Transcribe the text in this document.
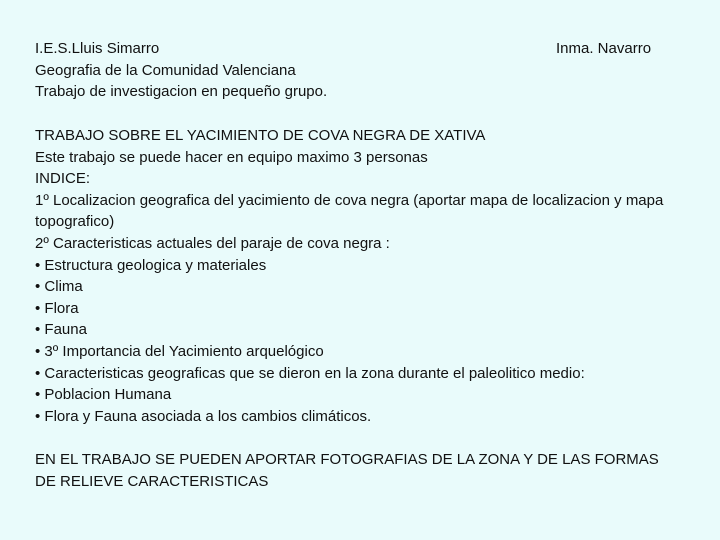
I.E.S.Lluis Simarro
Geografia de la Comunidad Valenciana
Trabajo de investigacion en pequeño grupo.
Inma. Navarro
TRABAJO SOBRE EL YACIMIENTO DE COVA NEGRA DE XATIVA
Este trabajo se puede hacer en equipo maximo 3 personas
INDICE:
1º Localizacion geografica del yacimiento de cova negra (aportar mapa de localizacion y mapa topografico)
2º Caracteristicas actuales del paraje de cova negra :
• Estructura geologica y materiales
• Clima
• Flora
• Fauna
• 3º Importancia del Yacimiento arquelógico
• Caracteristicas geograficas que se dieron en la zona durante el paleolitico medio:
• Poblacion Humana
• Flora y Fauna asociada a los cambios climáticos.
EN EL TRABAJO SE PUEDEN APORTAR FOTOGRAFIAS DE LA ZONA Y DE LAS FORMAS DE RELIEVE CARACTERISTICAS
